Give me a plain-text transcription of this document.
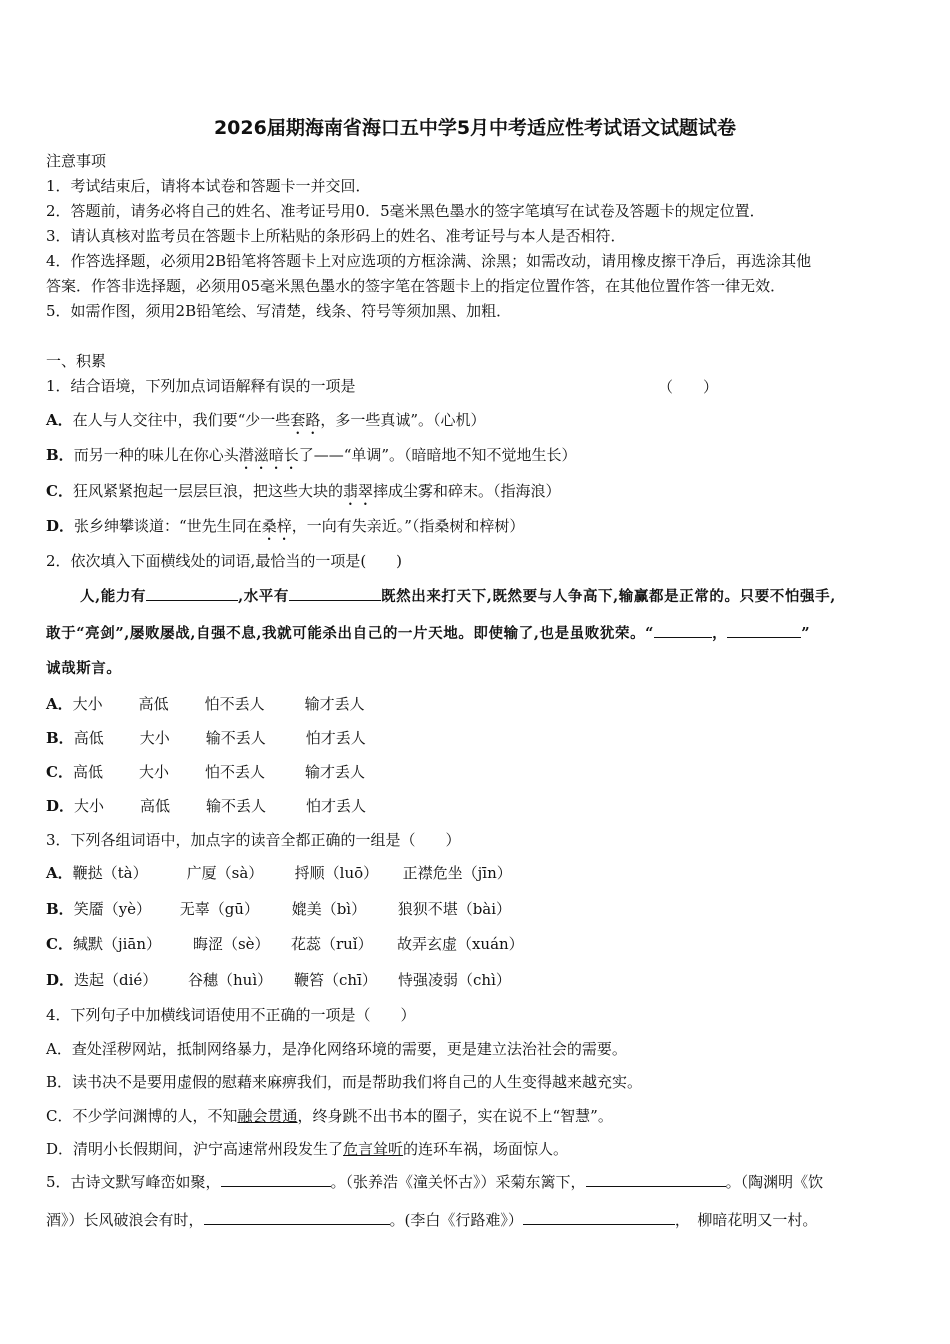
2026届期海南省海口五中学5月中考适应性考试语文试题试卷
注意事项
1．考试结束后，请将本试卷和答题卡一并交回．
2．答题前，请务必将自己的姓名、准考证号用0．5毫米黑色墨水的签字笔填写在试卷及答题卡的规定位置．
3．请认真核对监考员在答题卡上所粘贴的条形码上的姓名、准考证号与本人是否相符．
4．作答选择题，必须用2B铅笔将答题卡上对应选项的方框涂满、涂黑；如需改动，请用橡皮擦干净后，再选涂其他
答案．作答非选择题，必须用05毫米黑色墨水的签字笔在答题卡上的指定位置作答，在其他位置作答一律无效．
5．如需作图，须用2B铅笔绘、写清楚，线条、符号等须加黑、加粗．
一、积累
1．结合语境，下列加点词语解释有误的一项是	（　　）
A．在人与人交往中，我们要“少一些套路，多一些真诚”。（心机）
B．而另一种的味儿在你心头潜滋暗长了——“单调”。（暗暗地不知不觉地生长）
C．狂风紧紧抱起一层层巨浪，把这些大块的翡翠摔成尘雾和碎末。（指海浪）
D．张乡绅攀谈道：“世先生同在桑梓，一向有失亲近。”（指桑树和梓树）
2．依次填入下面横线处的词语,最恰当的一项是(　　)
人,能力有	,水平有	既然出来打天下,既然要与人争高下,输赢都是正常的。只要不怕强手,
敢于“亮剑”,屡败屡战,自强不息,我就可能杀出自己的一片天地。即使输了,也是虽败犹荣。“	，	”
诚哉斯言。
A．大小 高低 怕不丢人	输才丢人
B．高低 大小 输不丢人	怕才丢人
C．高低 大小 怕不丢人	输才丢人
D．大小 高低 输不丢人	怕才丢人
3．下列各组词语中，加点字的读音全都正确的一组是（　　）
A．鞭挞（tà）	广厦（sà） 捋顺（luō） 正襟危坐（jīn）
B．笑靥（yè） 无辜（gū） 媲美（bì） 狼狈不堪（bài）
C．缄默（jiān） 晦涩（sè） 花蕊（ruǐ） 故弄玄虚（xuán）
D．迭起（dié） 谷穗（huì） 鞭笞（chī） 恃强凌弱（chì）
4．下列句子中加横线词语使用不正确的一项是（　　）
A．查处淫秽网站，抵制网络暴力，是净化网络环境的需要，更是建立法治社会的需要。
B．读书决不是要用虚假的慰藉来麻痹我们，而是帮助我们将自己的人生变得越来越充实。
C．不少学问渊博的人，不知融会贯通，终身跳不出书本的圈子，实在说不上“智慧”。
D．清明小长假期间，沪宁高速常州段发生了危言耸听的连环车祸，场面惊人。
5．古诗文默写峰峦如聚，	。（张养浩《潼关怀古》）采菊东篱下，	。（陶渊明《饮
酒》）长风破浪会有时，	。(李白《行路难》）	，　柳暗花明又一村。
